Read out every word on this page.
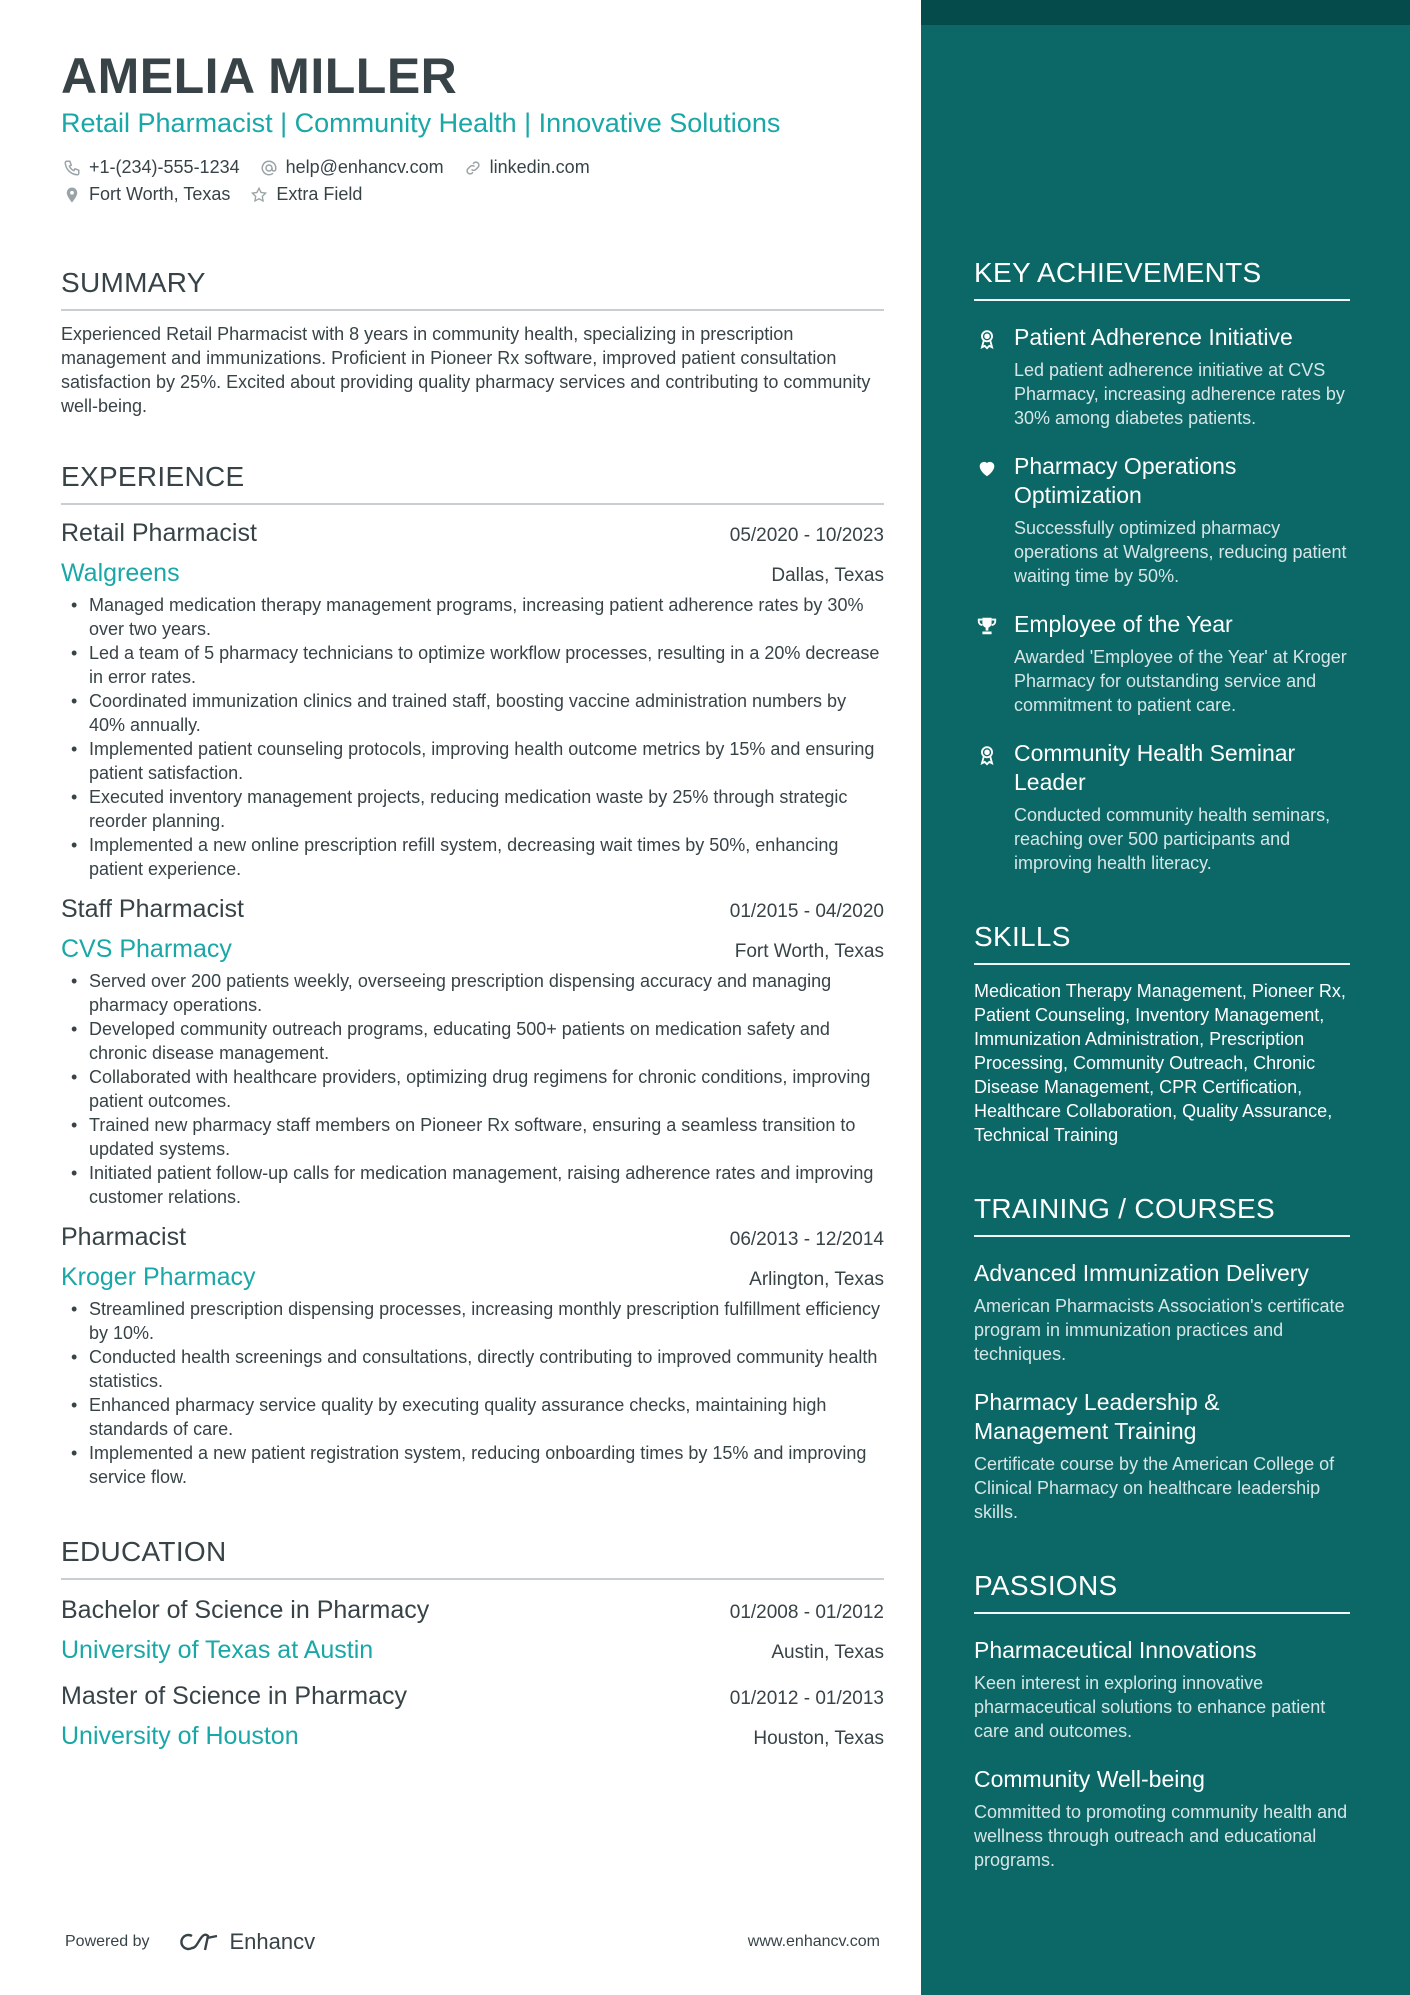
AMELIA MILLER
Retail Pharmacist | Community Health | Innovative Solutions
+1-(234)-555-1234	help@enhancv.com	linkedin.com
Fort Worth, Texas	Extra Field
SUMMARY
Experienced Retail Pharmacist with 8 years in community health, specializing in prescription management and immunizations. Proficient in Pioneer Rx software, improved patient consultation satisfaction by 25%. Excited about providing quality pharmacy services and contributing to community well-being.
EXPERIENCE
Retail Pharmacist	05/2020 - 10/2023
Walgreens	Dallas, Texas
• Managed medication therapy management programs, increasing patient adherence rates by 30% over two years.
• Led a team of 5 pharmacy technicians to optimize workflow processes, resulting in a 20% decrease in error rates.
• Coordinated immunization clinics and trained staff, boosting vaccine administration numbers by 40% annually.
• Implemented patient counseling protocols, improving health outcome metrics by 15% and ensuring patient satisfaction.
• Executed inventory management projects, reducing medication waste by 25% through strategic reorder planning.
• Implemented a new online prescription refill system, decreasing wait times by 50%, enhancing patient experience.
Staff Pharmacist	01/2015 - 04/2020
CVS Pharmacy	Fort Worth, Texas
• Served over 200 patients weekly, overseeing prescription dispensing accuracy and managing pharmacy operations.
• Developed community outreach programs, educating 500+ patients on medication safety and chronic disease management.
• Collaborated with healthcare providers, optimizing drug regimens for chronic conditions, improving patient outcomes.
• Trained new pharmacy staff members on Pioneer Rx software, ensuring a seamless transition to updated systems.
• Initiated patient follow-up calls for medication management, raising adherence rates and improving customer relations.
Pharmacist	06/2013 - 12/2014
Kroger Pharmacy	Arlington, Texas
• Streamlined prescription dispensing processes, increasing monthly prescription fulfillment efficiency by 10%.
• Conducted health screenings and consultations, directly contributing to improved community health statistics.
• Enhanced pharmacy service quality by executing quality assurance checks, maintaining high standards of care.
• Implemented a new patient registration system, reducing onboarding times by 15% and improving service flow.
EDUCATION
Bachelor of Science in Pharmacy	01/2008 - 01/2012
University of Texas at Austin	Austin, Texas
Master of Science in Pharmacy	01/2012 - 01/2013
University of Houston	Houston, Texas
Powered by	Enhancv	www.enhancv.com
KEY ACHIEVEMENTS
Patient Adherence Initiative
Led patient adherence initiative at CVS Pharmacy, increasing adherence rates by 30% among diabetes patients.
Pharmacy Operations Optimization
Successfully optimized pharmacy operations at Walgreens, reducing patient waiting time by 50%.
Employee of the Year
Awarded 'Employee of the Year' at Kroger Pharmacy for outstanding service and commitment to patient care.
Community Health Seminar Leader
Conducted community health seminars, reaching over 500 participants and improving health literacy.
SKILLS
Medication Therapy Management, Pioneer Rx, Patient Counseling, Inventory Management, Immunization Administration, Prescription Processing, Community Outreach, Chronic Disease Management, CPR Certification, Healthcare Collaboration, Quality Assurance, Technical Training
TRAINING / COURSES
Advanced Immunization Delivery
American Pharmacists Association's certificate program in immunization practices and techniques.
Pharmacy Leadership & Management Training
Certificate course by the American College of Clinical Pharmacy on healthcare leadership skills.
PASSIONS
Pharmaceutical Innovations
Keen interest in exploring innovative pharmaceutical solutions to enhance patient care and outcomes.
Community Well-being
Committed to promoting community health and wellness through outreach and educational programs.
